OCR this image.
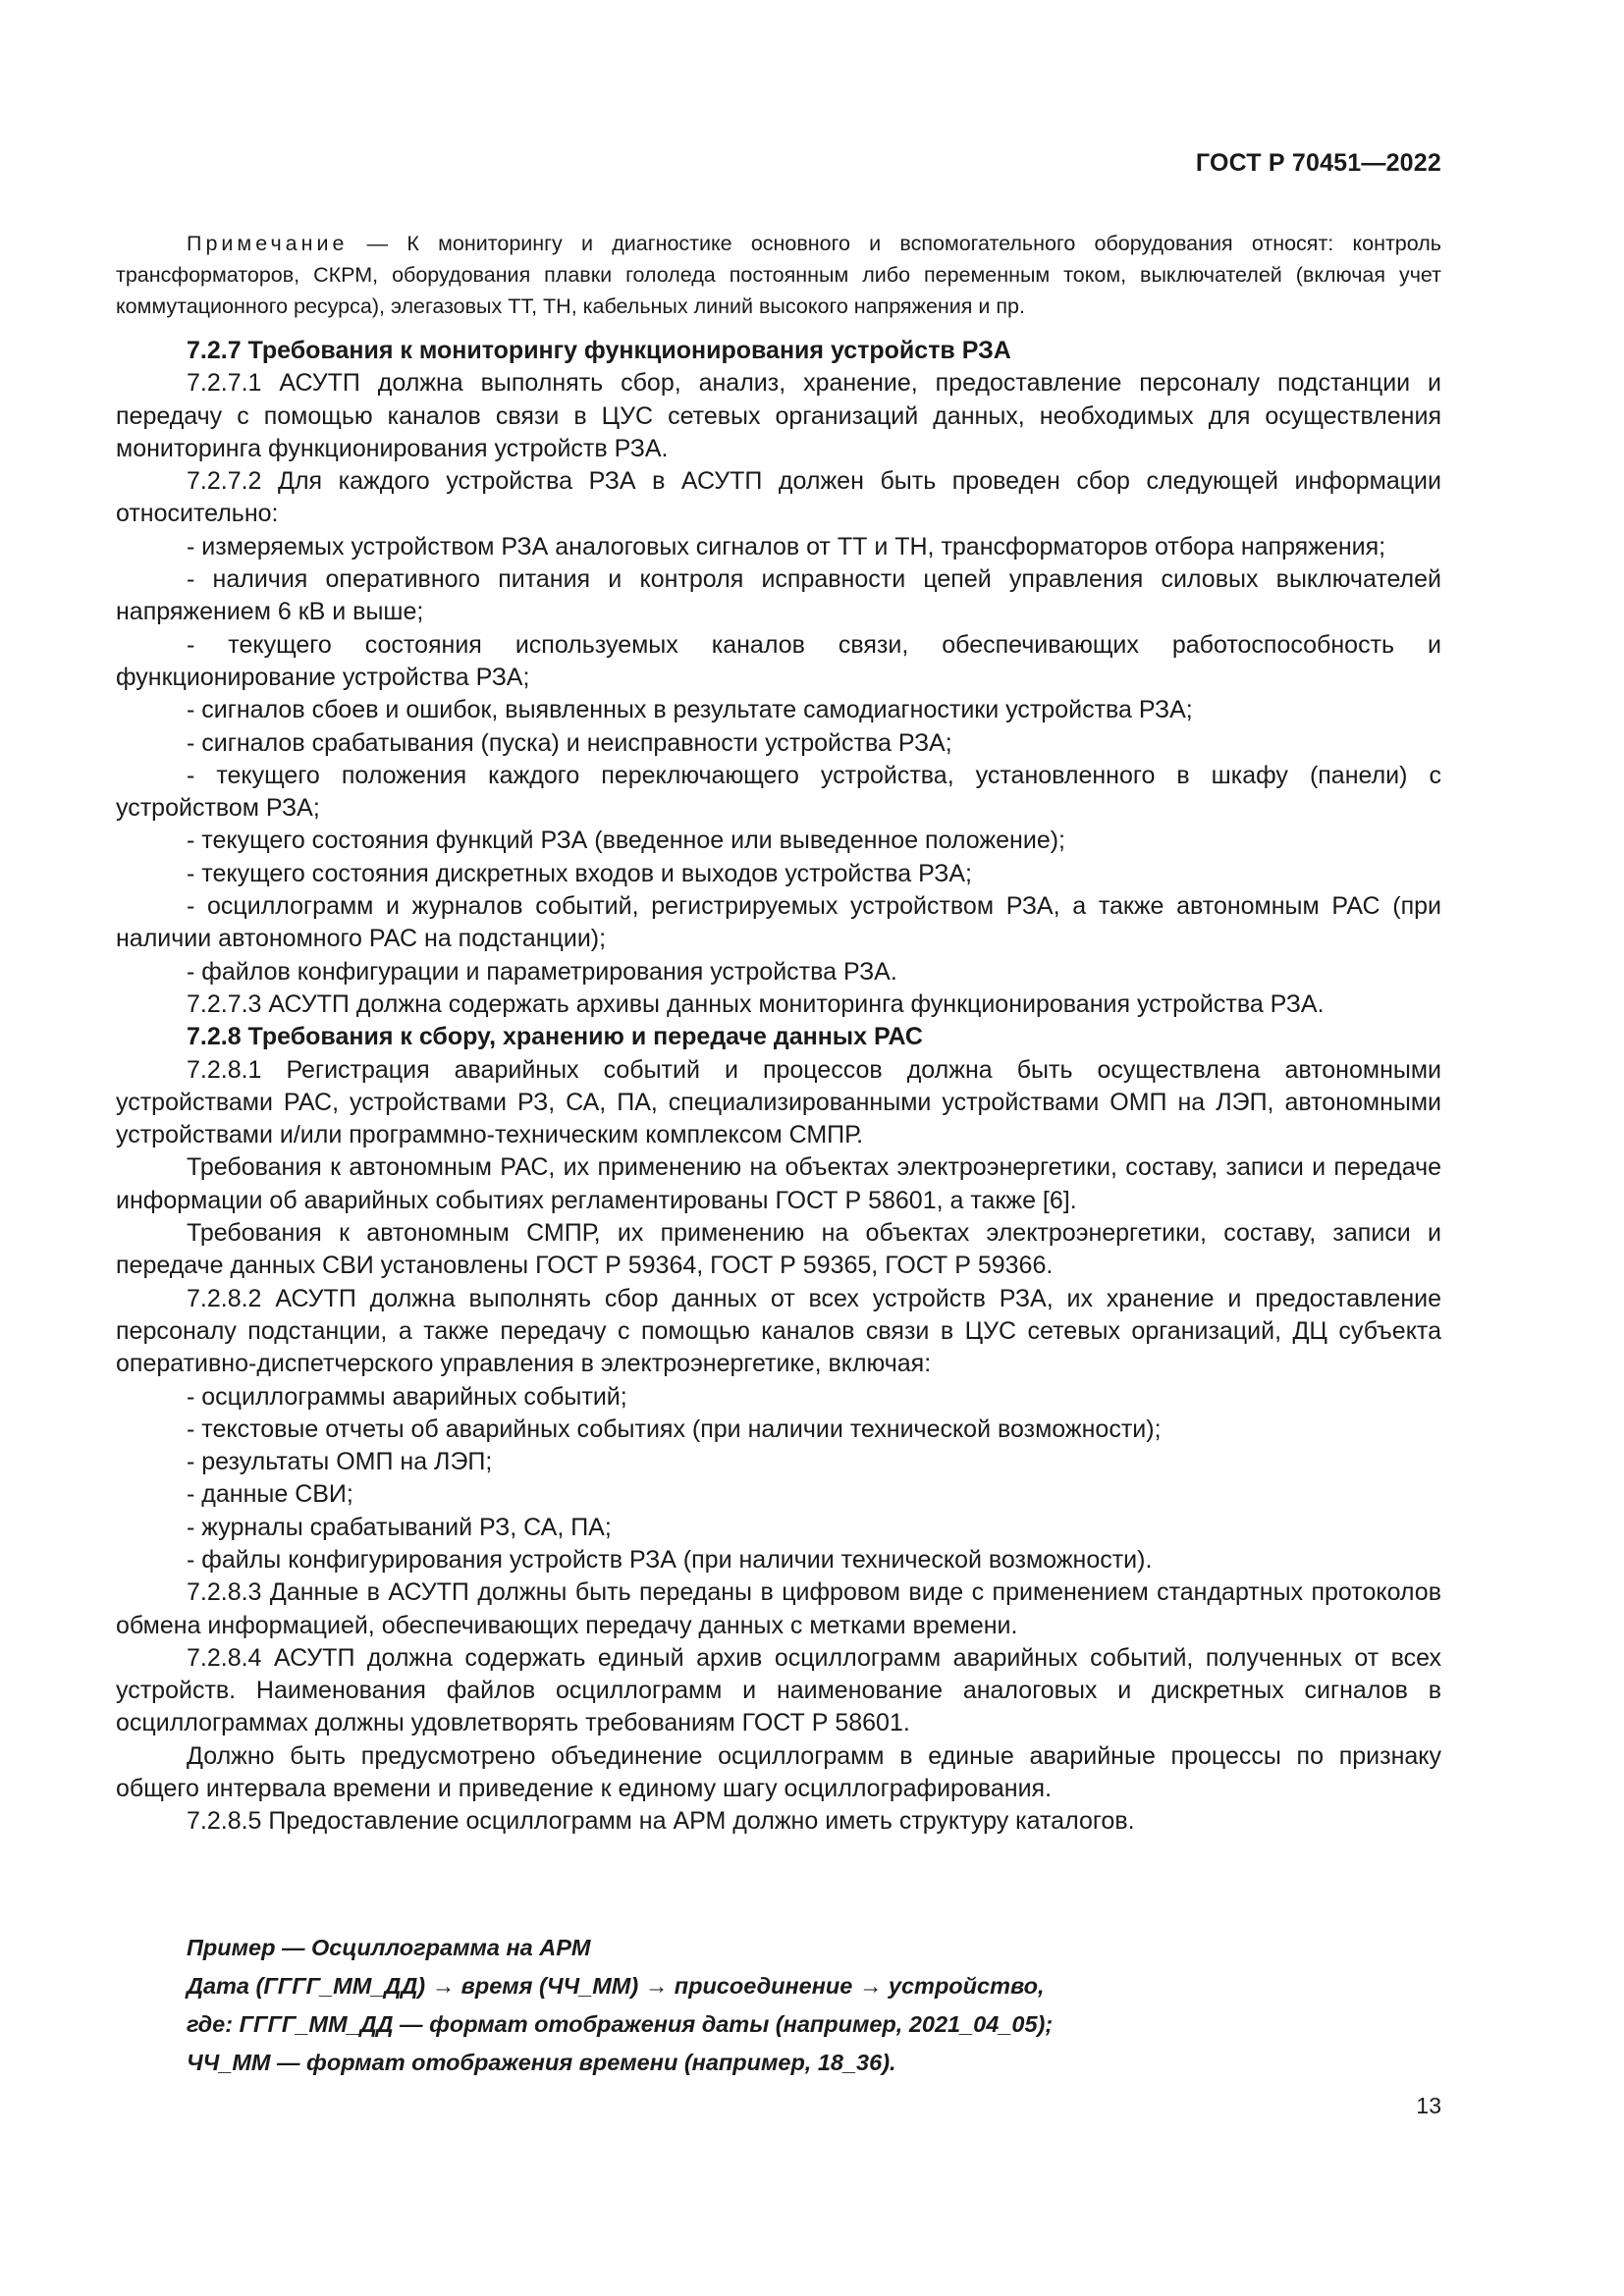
ГОСТ Р 70451—2022

Примечание — К мониторингу и диагностике основного и вспомогательного оборудования относят: контроль трансформаторов, СКРМ, оборудования плавки гололеда постоянным либо переменным током, выключателей (включая учет коммутационного ресурса), элегазовых ТТ, ТН, кабельных линий высокого напряжения и пр.

7.2.7 Требования к мониторингу функционирования устройств РЗА

7.2.7.1 АСУТП должна выполнять сбор, анализ, хранение, предоставление персоналу подстанции и передачу с помощью каналов связи в ЦУС сетевых организаций данных, необходимых для осуществления мониторинга функционирования устройств РЗА.

7.2.7.2 Для каждого устройства РЗА в АСУТП должен быть проведен сбор следующей информации относительно:

- измеряемых устройством РЗА аналоговых сигналов от ТТ и ТН, трансформаторов отбора напряжения;

- наличия оперативного питания и контроля исправности цепей управления силовых выключателей напряжением 6 кВ и выше;

- текущего состояния используемых каналов связи, обеспечивающих работоспособность и функционирование устройства РЗА;

- сигналов сбоев и ошибок, выявленных в результате самодиагностики устройства РЗА;

- сигналов срабатывания (пуска) и неисправности устройства РЗА;

- текущего положения каждого переключающего устройства, установленного в шкафу (панели) с устройством РЗА;

- текущего состояния функций РЗА (введенное или выведенное положение);

- текущего состояния дискретных входов и выходов устройства РЗА;

- осциллограмм и журналов событий, регистрируемых устройством РЗА, а также автономным РАС (при наличии автономного РАС на подстанции);

- файлов конфигурации и параметрирования устройства РЗА.

7.2.7.3 АСУТП должна содержать архивы данных мониторинга функционирования устройства РЗА.

7.2.8 Требования к сбору, хранению и передаче данных РАС

7.2.8.1 Регистрация аварийных событий и процессов должна быть осуществлена автономными устройствами РАС, устройствами РЗ, СА, ПА, специализированными устройствами ОМП на ЛЭП, автономными устройствами и/или программно-техническим комплексом СМПР.

Требования к автономным РАС, их применению на объектах электроэнергетики, составу, записи и передаче информации об аварийных событиях регламентированы ГОСТ Р 58601, а также [6].

Требования к автономным СМПР, их применению на объектах электроэнергетики, составу, записи и передаче данных СВИ установлены ГОСТ Р 59364, ГОСТ Р 59365, ГОСТ Р 59366.

7.2.8.2 АСУТП должна выполнять сбор данных от всех устройств РЗА, их хранение и предоставление персоналу подстанции, а также передачу с помощью каналов связи в ЦУС сетевых организаций, ДЦ субъекта оперативно-диспетчерского управления в электроэнергетике, включая:

- осциллограммы аварийных событий;

- текстовые отчеты об аварийных событиях (при наличии технической возможности);

- результаты ОМП на ЛЭП;

- данные СВИ;

- журналы срабатываний РЗ, СА, ПА;

- файлы конфигурирования устройств РЗА (при наличии технической возможности).

7.2.8.3 Данные в АСУТП должны быть переданы в цифровом виде с применением стандартных протоколов обмена информацией, обеспечивающих передачу данных с метками времени.

7.2.8.4 АСУТП должна содержать единый архив осциллограмм аварийных событий, полученных от всех устройств. Наименования файлов осциллограмм и наименование аналоговых и дискретных сигналов в осциллограммах должны удовлетворять требованиям ГОСТ Р 58601.

Должно быть предусмотрено объединение осциллограмм в единые аварийные процессы по признаку общего интервала времени и приведение к единому шагу осциллографирования.

7.2.8.5 Предоставление осциллограмм на АРМ должно иметь структуру каталогов.

Пример — Осциллограмма на АРМ

Дата (ГГГГ_ММ_ДД) → время (ЧЧ_ММ) → присоединение → устройство,

где: ГГГГ_ММ_ДД — формат отображения даты (например, 2021_04_05);

ЧЧ_ММ — формат отображения времени (например, 18_36).

13
